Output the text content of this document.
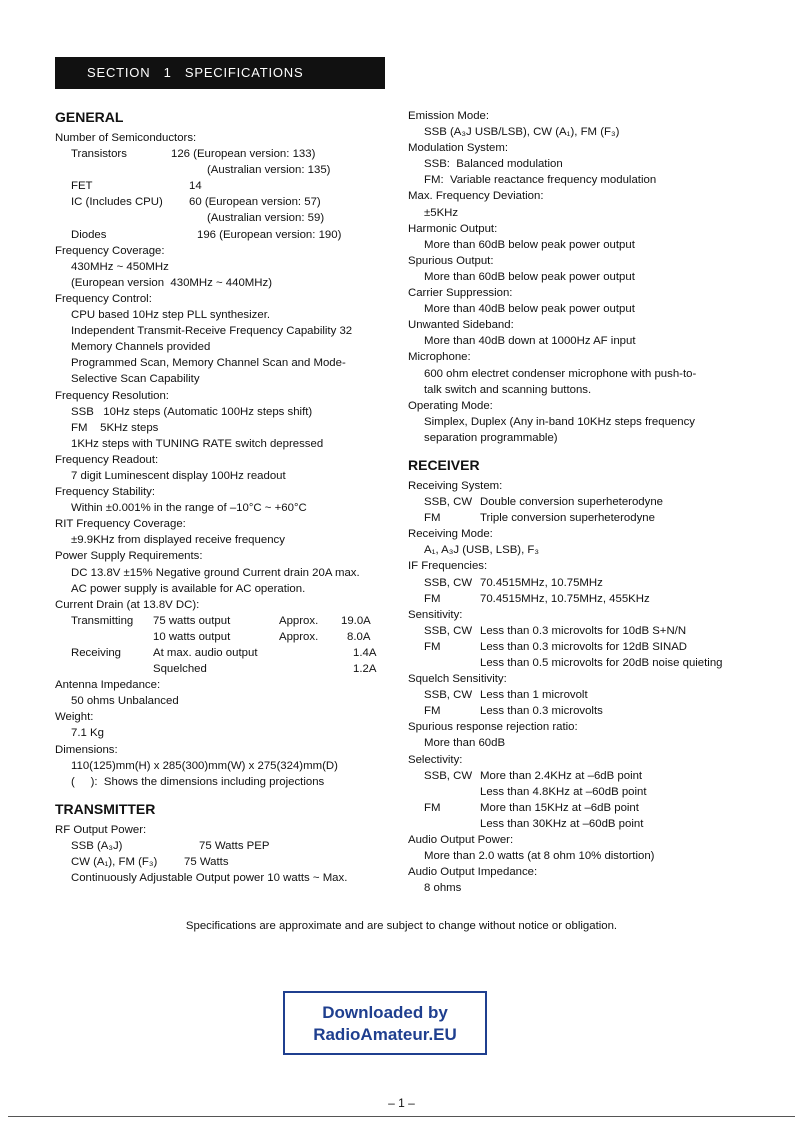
SECTION   1   SPECIFICATIONS
GENERAL
Number of Semiconductors:
Transistors	126 (European version: 133)
(Australian version: 135)
FET	14
IC (Includes CPU) 60 (European version: 57)
(Australian version: 59)
Diodes	196 (European version: 190)
Frequency Coverage:
430MHz ~ 450MHz
(European version  430MHz ~ 440MHz)
Frequency Control:
CPU based 10Hz step PLL synthesizer.
Independent Transmit-Receive Frequency Capability 32
Memory Channels provided
Programmed Scan, Memory Channel Scan and Mode-
Selective Scan Capability
Frequency Resolution:
SSB   10Hz steps (Automatic 100Hz steps shift)
FM    5KHz steps
1KHz steps with TUNING RATE switch depressed
Frequency Readout:
7 digit Luminescent display 100Hz readout
Frequency Stability:
Within ±0.001% in the range of –10°C ~ +60°C
RIT Frequency Coverage:
±9.9KHz from displayed receive frequency
Power Supply Requirements:
DC 13.8V ±15% Negative ground Current drain 20A max.
AC power supply is available for AC operation.
Current Drain (at 13.8V DC):
Transmitting 75 watts output	Approx. 19.0A
10 watts output	Approx.	8.0A
Receiving	At max. audio output	1.4A
Squelched	1.2A
Antenna Impedance:
50 ohms Unbalanced
Weight:
7.1 Kg
Dimensions:
110(125)mm(H) x 285(300)mm(W) x 275(324)mm(D)
(     ):  Shows the dimensions including projections
TRANSMITTER
RF Output Power:
SSB (A₃J)	75 Watts PEP
CW (A₁), FM (F₃) 75 Watts
Continuously Adjustable Output power 10 watts ~ Max.
Emission Mode:
SSB (A₃J USB/LSB), CW (A₁), FM (F₃)
Modulation System:
SSB:  Balanced modulation
FM:  Variable reactance frequency modulation
Max. Frequency Deviation:
±5KHz
Harmonic Output:
More than 60dB below peak power output
Spurious Output:
More than 60dB below peak power output
Carrier Suppression:
More than 40dB below peak power output
Unwanted Sideband:
More than 40dB down at 1000Hz AF input
Microphone:
600 ohm electret condenser microphone with push-to-
talk switch and scanning buttons.
Operating Mode:
Simplex, Duplex (Any in-band 10KHz steps frequency
separation programmable)
RECEIVER
Receiving System:
SSB, CW Double conversion superheterodyne
FM	Triple conversion superheterodyne
Receiving Mode:
A₁, A₃J (USB, LSB), F₃
IF Frequencies:
SSB, CW 70.4515MHz, 10.75MHz
FM	70.4515MHz, 10.75MHz, 455KHz
Sensitivity:
SSB, CW Less than 0.3 microvolts for 10dB S+N/N
FM	Less than 0.3 microvolts for 12dB SINAD
Less than 0.5 microvolts for 20dB noise quieting
Squelch Sensitivity:
SSB, CW Less than 1 microvolt
FM	Less than 0.3 microvolts
Spurious response rejection ratio:
More than 60dB
Selectivity:
SSB, CW More than 2.4KHz at –6dB point
Less than 4.8KHz at –60dB point
FM	More than 15KHz at –6dB point
Less than 30KHz at –60dB point
Audio Output Power:
More than 2.0 watts (at 8 ohm 10% distortion)
Audio Output Impedance:
8 ohms
Specifications are approximate and are subject to change without notice or obligation.
Downloaded by
RadioAmateur.EU
– 1 –
